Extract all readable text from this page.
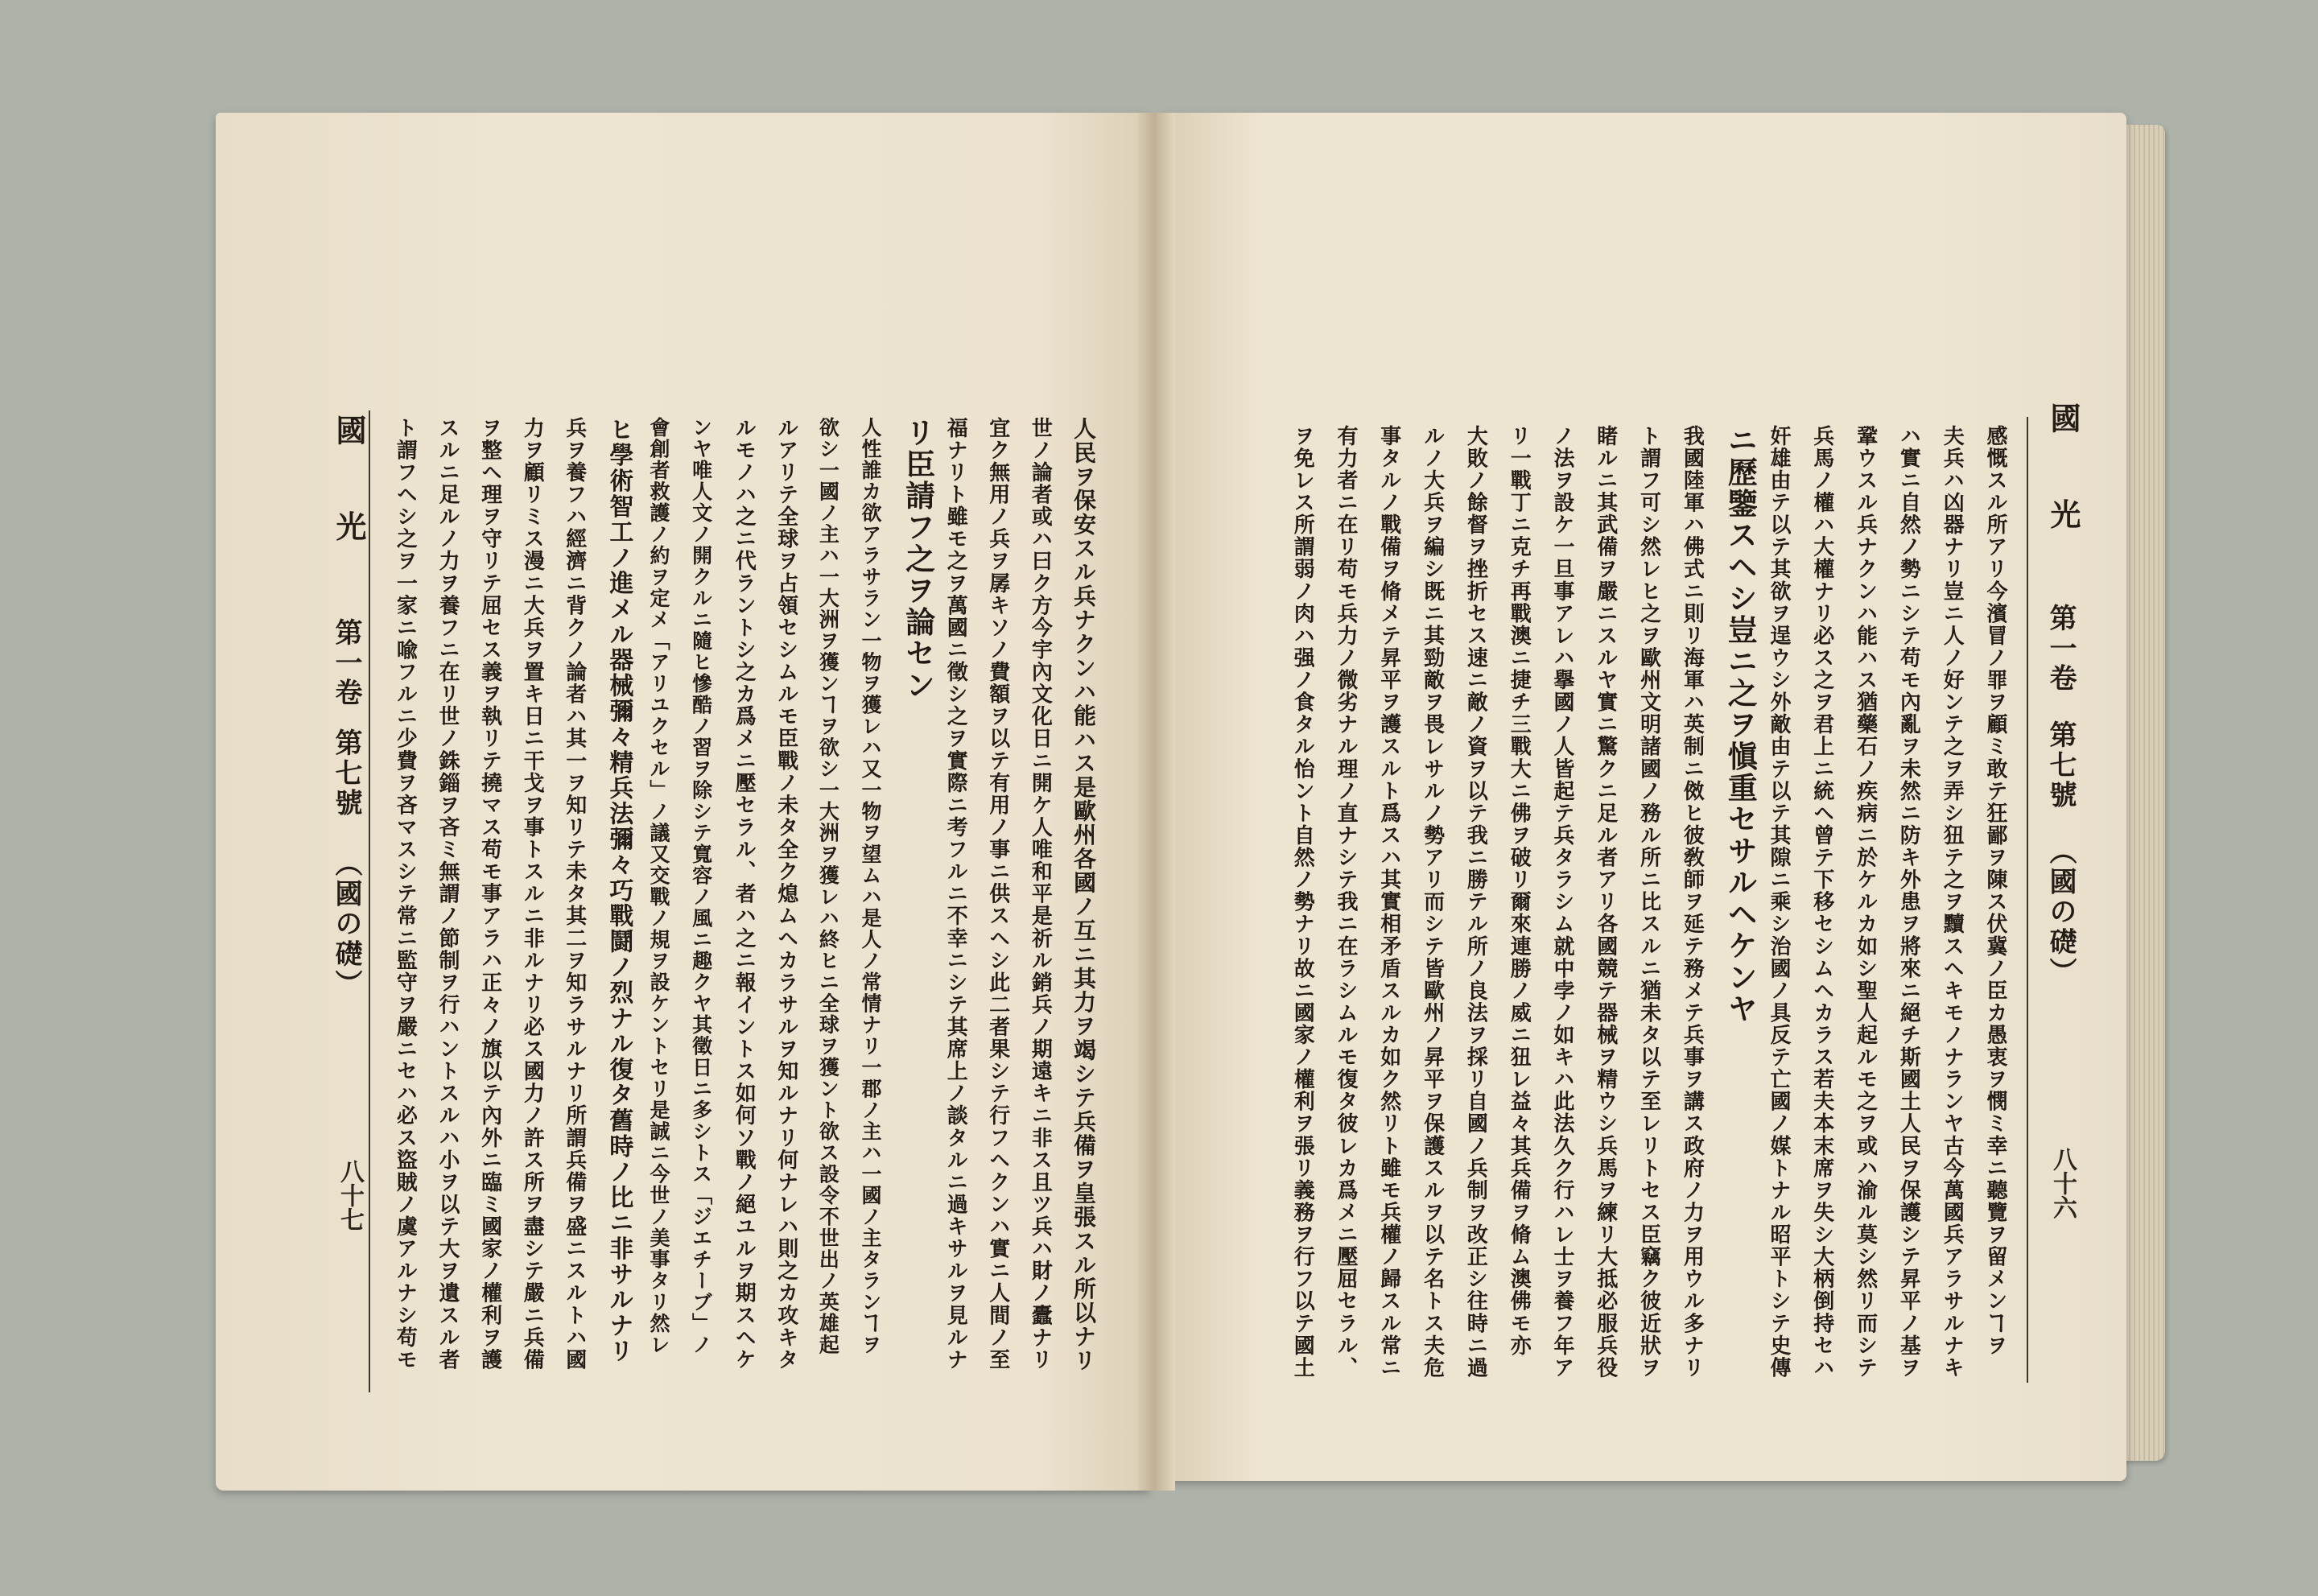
國 光
第一卷
第七號
（國の礎）
八十六
感慨スル所アリ今濱冒ノ罪ヲ顧ミ敢テ狂鄙ヲ陳ス伏冀ノ臣カ愚衷ヲ憫ミ幸ニ聽覽ヲ留メンヿヲ
夫兵ハ凶器ナリ豈ニ人ノ好ンテ之ヲ弄シ狃テ之ヲ黷スヘキモノナランヤ古今萬國兵アラサルナキ
ハ實ニ自然ノ勢ニシテ苟モ內亂ヲ未然ニ防キ外患ヲ將來ニ絕チ斯國土人民ヲ保護シテ昇平ノ基ヲ
鞏ウスル兵ナクンハ能ハス猶藥石ノ疾病ニ於ケルカ如シ聖人起ルモ之ヲ或ハ渝ル莫シ然リ而シテ
兵馬ノ權ハ大權ナリ必ス之ヲ君上ニ統ヘ曾テ下移セシムヘカラス若夫本末席ヲ失シ大柄倒持セハ
奸雄由テ以テ其欲ヲ逞ウシ外敵由テ以テ其隙ニ乘シ治國ノ具反テ亡國ノ媒トナル昭平トシテ史傳
ニ歷鑒スヘシ豈ニ之ヲ愼重セサルヘケンヤ
我國陸軍ハ佛式ニ則リ海軍ハ英制ニ傚ヒ彼敎師ヲ延テ務メテ兵事ヲ講ス政府ノ力ヲ用ウル多ナリ
ト謂フ可シ然レヒ之ヲ歐州文明諸國ノ務ル所ニ比スルニ猶未タ以テ至レリトセス臣竊ク彼近狀ヲ
睹ルニ其武備ヲ嚴ニスルヤ實ニ驚クニ足ル者アリ各國競テ器械ヲ精ウシ兵馬ヲ練リ大抵必服兵役
ノ法ヲ設ケ一旦事アレハ擧國ノ人皆起テ兵タラシム就中孛ノ如キハ此法久ク行ハレ士ヲ養フ年ア
リ一戰丁ニ克チ再戰澳ニ捷チ三戰大ニ佛ヲ破リ爾來連勝ノ威ニ狃レ益々其兵備ヲ脩ム澳佛モ亦
大敗ノ餘督ヲ挫折セス速ニ敵ノ資ヲ以テ我ニ勝テル所ノ良法ヲ採リ自國ノ兵制ヲ改正シ往時ニ過
ルノ大兵ヲ編シ既ニ其勁敵ヲ畏レサルノ勢アリ而シテ皆歐州ノ昇平ヲ保護スルヲ以テ名トス夫危
事タルノ戰備ヲ脩メテ昇平ヲ護スルト爲スハ其實相矛盾スルカ如ク然リト雖モ兵權ノ歸スル常ニ
有力者ニ在リ苟モ兵力ノ微劣ナル理ノ直ナシテ我ニ在ラシムルモ復タ彼レカ爲メニ壓屈セラル、
ヲ免レス所謂弱ノ肉ハ强ノ食タル怡ント自然ノ勢ナリ故ニ國家ノ權利ヲ張リ義務ヲ行フ以テ國土
國 光
第一卷
第七號
（國の礎）
八十七	人民ヲ保安スル兵ナクンハ能ハス是歐州各國ノ互ニ其力ヲ竭シテ兵備ヲ皇張スル所以ナリ
世ノ論者或ハ曰ク方今宇內文化日ニ開ケ人唯和平是祈ル銷兵ノ期遠キニ非ス且ツ兵ハ財ノ蠹ナリ
宜ク無用ノ兵ヲ孱キソノ費額ヲ以テ有用ノ事ニ供スヘシ此二者果シテ行フヘクンハ實ニ人間ノ至
福ナリト雖モ之ヲ萬國ニ徵シ之ヲ實際ニ考フルニ不幸ニシテ其席上ノ談タルニ過キサルヲ見ルナ
リ臣請フ之ヲ論セン
人性誰カ欲アラサラン一物ヲ獲レハ又一物ヲ望ムハ是人ノ常情ナリ一郡ノ主ハ一國ノ主タランヿヲ
欲シ一國ノ主ハ一大洲ヲ獲ンヿヲ欲シ一大洲ヲ獲レハ終ヒニ全球ヲ獲ント欲ス設令不世出ノ英雄起
ルアリテ全球ヲ占領セシムルモ臣戰ノ未タ全ク熄ムヘカラサルヲ知ルナリ何ナレハ則之カ攻キタ
ルモノハ之ニ代ラントシ之カ爲メニ壓セラル、者ハ之ニ報イントス如何ソ戰ノ絕ユルヲ期スヘケ
ンヤ唯人文ノ開クルニ隨ヒ慘酷ノ習ヲ除シテ寬容ノ風ニ趣クヤ其徵日ニ多シトス「ジエチーブ」ノ
會創者救護ノ約ヲ定メ「アリユクセル」ノ議又交戰ノ規ヲ設ケントセリ是誠ニ今世ノ美事タリ然レ
ヒ學術智工ノ進メル器械彌々精兵法彌々巧戰鬪ノ烈ナル復タ舊時ノ比ニ非サルナリ
兵ヲ養フハ經濟ニ背クノ論者ハ其一ヲ知リテ未タ其二ヲ知ラサルナリ所謂兵備ヲ盛ニスルトハ國
力ヲ顧リミス漫ニ大兵ヲ置キ日ニ干戈ヲ事トスルニ非ルナリ必ス國力ノ許ス所ヲ盡シテ嚴ニ兵備
ヲ整ヘ理ヲ守リテ屈セス義ヲ執リテ撓マス苟モ事アラハ正々ノ旗以テ內外ニ臨ミ國家ノ權利ヲ護
スルニ足ルノ力ヲ養フニ在リ世ノ銖錙ヲ吝ミ無謂ノ節制ヲ行ハントスルハ小ヲ以テ大ヲ遺スル者
ト謂フヘシ之ヲ一家ニ喩フルニ少費ヲ吝マスシテ常ニ監守ヲ嚴ニセハ必ス盜賊ノ虞アルナシ苟モ
